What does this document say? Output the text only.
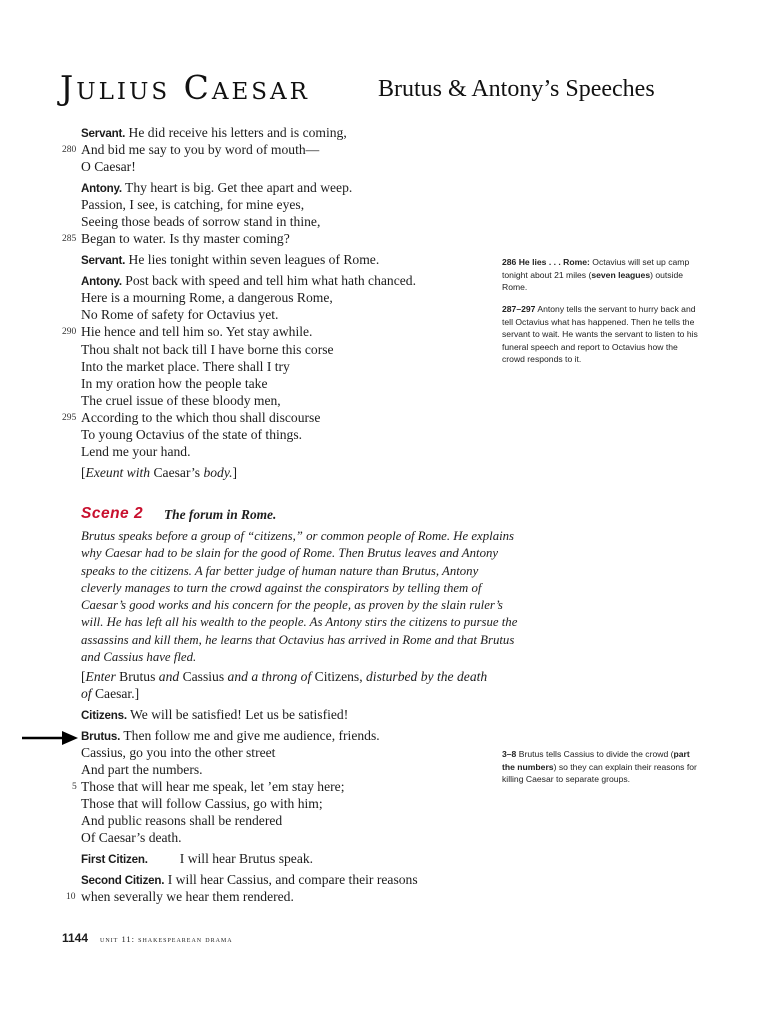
Julius Caesar	Brutus & Antony’s Speeches
Servant. He did receive his letters and is coming,
280 And bid me say to you by word of mouth—
O Caesar!
Antony. Thy heart is big. Get thee apart and weep.
Passion, I see, is catching, for mine eyes,
Seeing those beads of sorrow stand in thine,
285 Began to water. Is thy master coming?
Servant. He lies tonight within seven leagues of Rome.
Antony. Post back with speed and tell him what hath chanced.
Here is a mourning Rome, a dangerous Rome,
No Rome of safety for Octavius yet.
290 Hie hence and tell him so. Yet stay awhile.
Thou shalt not back till I have borne this corse
Into the market place. There shall I try
In my oration how the people take
The cruel issue of these bloody men,
295 According to the which thou shall discourse
To young Octavius of the state of things.
Lend me your hand.
[Exeunt with Caesar’s body.]
286 He lies . . . Rome: Octavius will set up camp tonight about 21 miles (seven leagues) outside Rome.
287–297 Antony tells the servant to hurry back and tell Octavius what has happened. Then he tells the servant to wait. He wants the servant to listen to his funeral speech and report to Octavius how the crowd responds to it.
3–8 Brutus tells Cassius to divide the crowd (part the numbers) so they can explain their reasons for killing Caesar to separate groups.
Scene 2 The forum in Rome.
Brutus speaks before a group of “citizens,” or common people of Rome. He explains why Caesar had to be slain for the good of Rome. Then Brutus leaves and Antony speaks to the citizens. A far better judge of human nature than Brutus, Antony cleverly manages to turn the crowd against the conspirators by telling them of Caesar’s good works and his concern for the people, as proven by the slain ruler’s will. He has left all his wealth to the people. As Antony stirs the citizens to pursue the assassins and kill them, he learns that Octavius has arrived in Rome and that Brutus and Cassius have fled.
[Enter Brutus and Cassius and a throng of Citizens, disturbed by the death
of Caesar.]
Citizens. We will be satisfied! Let us be satisfied!
Brutus. Then follow me and give me audience, friends.
Cassius, go you into the other street
And part the numbers.
5 Those that will hear me speak, let ’em stay here;
Those that will follow Cassius, go with him;
And public reasons shall be rendered
Of Caesar’s death.
First Citizen. I will hear Brutus speak.
Second Citizen. I will hear Cassius, and compare their reasons
10 when severally we hear them rendered.
1144 unit 11: shakespearean drama
